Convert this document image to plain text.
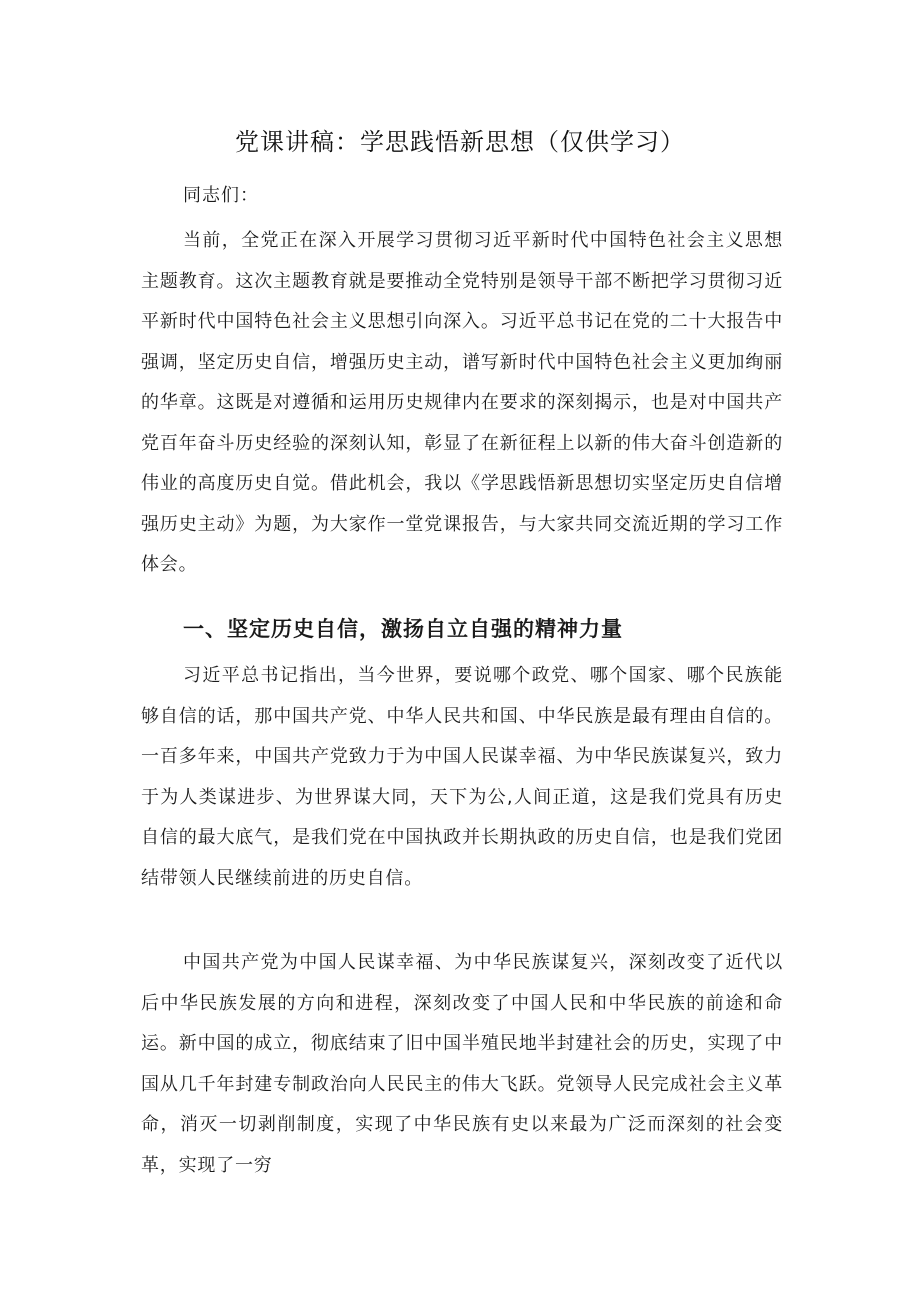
党课讲稿：学思践悟新思想（仅供学习）
同志们：

当前，全党正在深入开展学习贯彻习近平新时代中国特色社会主义思想主题教育。这次主题教育就是要推动全党特别是领导干部不断把学习贯彻习近平新时代中国特色社会主义思想引向深入。习近平总书记在党的二十大报告中强调，坚定历史自信，增强历史主动，谱写新时代中国特色社会主义更加绚丽的华章。这既是对遵循和运用历史规律内在要求的深刻揭示，也是对中国共产党百年奋斗历史经验的深刻认知，彰显了在新征程上以新的伟大奋斗创造新的伟业的高度历史自觉。借此机会，我以《学思践悟新思想切实坚定历史自信增强历史主动》为题，为大家作一堂党课报告，与大家共同交流近期的学习工作体会。

一、坚定历史自信，激扬自立自强的精神力量

习近平总书记指出，当今世界，要说哪个政党、哪个国家、哪个民族能够自信的话，那中国共产党、中华人民共和国、中华民族是最有理由自信的。一百多年来，中国共产党致力于为中国人民谋幸福、为中华民族谋复兴，致力于为人类谋进步、为世界谋大同，天下为公,人间正道，这是我们党具有历史自信的最大底气，是我们党在中国执政并长期执政的历史自信，也是我们党团结带领人民继续前进的历史自信。

中国共产党为中国人民谋幸福、为中华民族谋复兴，深刻改变了近代以后中华民族发展的方向和进程，深刻改变了中国人民和中华民族的前途和命运。新中国的成立，彻底结束了旧中国半殖民地半封建社会的历史，实现了中国从几千年封建专制政治向人民民主的伟大飞跃。党领导人民完成社会主义革命，消灭一切剥削制度，实现了中华民族有史以来最为广泛而深刻的社会变革，实现了一穷
